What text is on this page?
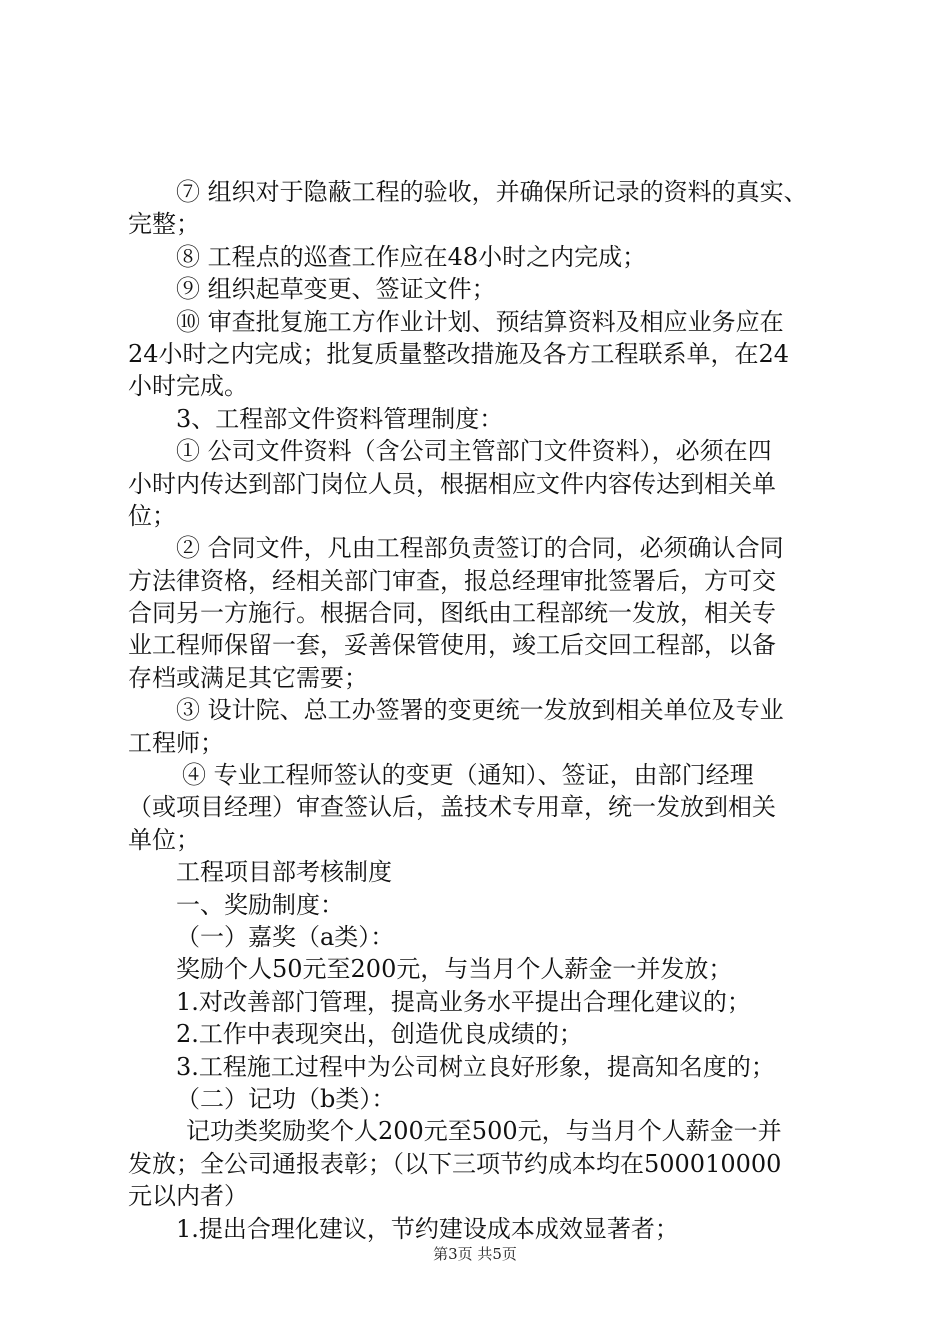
⑦ 组织对于隐蔽工程的验收，并确保所记录的资料的真实、
完整；
⑧ 工程点的巡查工作应在48小时之内完成；
⑨ 组织起草变更、签证文件；
⑩ 审查批复施工方作业计划、预结算资料及相应业务应在
24小时之内完成；批复质量整改措施及各方工程联系单，在24
小时完成。
3、工程部文件资料管理制度：
① 公司文件资料（含公司主管部门文件资料），必须在四
小时内传达到部门岗位人员，根据相应文件内容传达到相关单
位；
② 合同文件，凡由工程部负责签订的合同，必须确认合同
方法律资格，经相关部门审查，报总经理审批签署后，方可交
合同另一方施行。根据合同，图纸由工程部统一发放，相关专
业工程师保留一套，妥善保管使用，竣工后交回工程部，以备
存档或满足其它需要；
③ 设计院、总工办签署的变更统一发放到相关单位及专业
工程师；
④ 专业工程师签认的变更（通知）、签证，由部门经理
（或项目经理）审查签认后，盖技术专用章，统一发放到相关
单位；
工程项目部考核制度
一、奖励制度：
（一）嘉奖（a类）：
奖励个人50元至200元，与当月个人薪金一并发放；
1.对改善部门管理，提高业务水平提出合理化建议的；
2.工作中表现突出，创造优良成绩的；
3.工程施工过程中为公司树立良好形象，提高知名度的；
（二）记功（b类）：
记功类奖励奖个人200元至500元，与当月个人薪金一并
发放；全公司通报表彰；（以下三项节约成本均在500010000
元以内者）
1.提出合理化建议，节约建设成本成效显著者；
第3页 共5页
